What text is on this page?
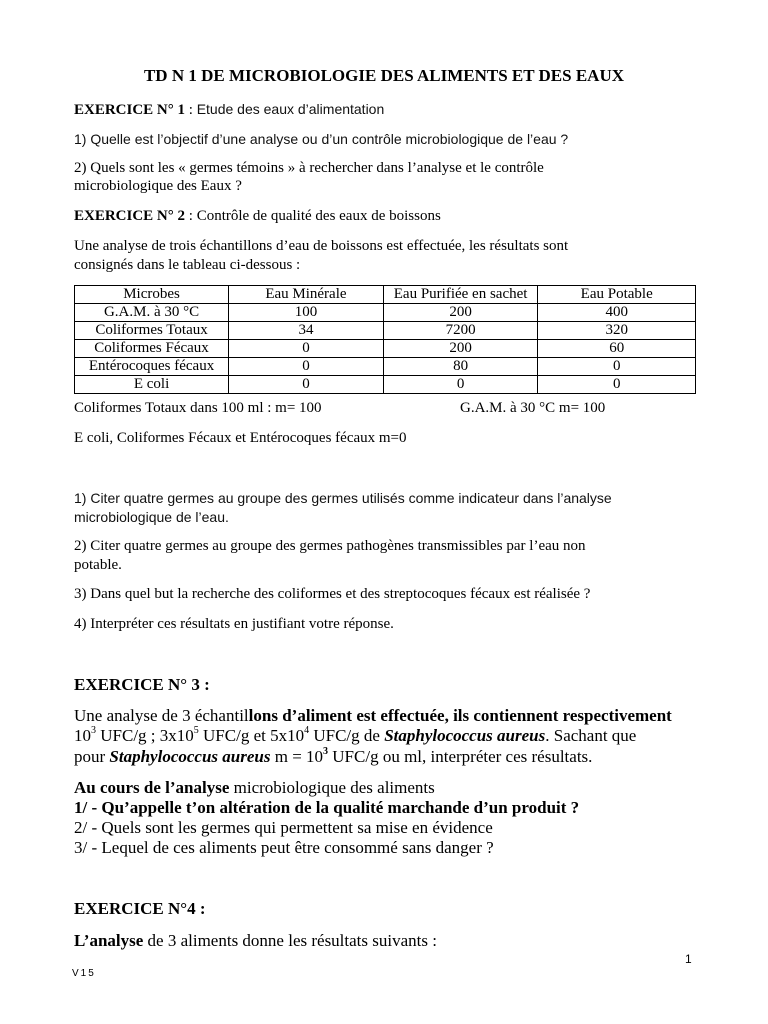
TD N 1 DE MICROBIOLOGIE DES ALIMENTS ET DES EAUX
EXERCICE N° 1 : Etude des eaux d’alimentation
1) Quelle est l’objectif d’une analyse ou d’un contrôle microbiologique de l’eau ?
2) Quels sont les « germes témoins » à rechercher dans l’analyse et le contrôle
microbiologique des Eaux ?
EXERCICE N° 2 : Contrôle de qualité des eaux de boissons
Une analyse de trois échantillons d’eau de boissons est effectuée, les résultats sont
consignés dans le tableau ci-dessous :
Microbes	Eau Minérale	Eau Purifiée en sachet	Eau Potable
G.A.M. à 30 °C	100	200	400
Coliformes Totaux	34	7200	320
Coliformes Fécaux	0	200	60
Entérocoques fécaux	0	80	0
E coli	0	0	0
Coliformes Totaux dans 100 ml : m= 100	G.A.M. à 30 °C m= 100
E coli, Coliformes Fécaux et Entérocoques fécaux m=0
1) Citer quatre germes au groupe des germes utilisés comme indicateur dans l’analyse
microbiologique de l’eau.
2) Citer quatre germes au groupe des germes pathogènes transmissibles par l’eau non
potable.
3) Dans quel but la recherche des coliformes et des streptocoques fécaux est réalisée ?
4) Interpréter ces résultats en justifiant votre réponse.
EXERCICE N° 3 :
Une analyse de 3 échantillons d’aliment est effectuée, ils contiennent respectivement
$10^3$ UFC/g ; $3x10^5$ UFC/g et $5x10^4$ UFC/g de Staphylococcus aureus. Sachant que
pour Staphylococcus aureus $m = 10^3$ UFC/g ou ml, interpréter ces résultats.
Au cours de l’analyse microbiologique des aliments
1/ - Qu’appelle t’on altération de la qualité marchande d’un produit ?
2/ - Quels sont les germes qui permettent sa mise en évidence
3/ - Lequel de ces aliments peut être consommé sans danger ?
EXERCICE N°4 :
L’analyse de 3 aliments donne les résultats suivants :
1
V15
